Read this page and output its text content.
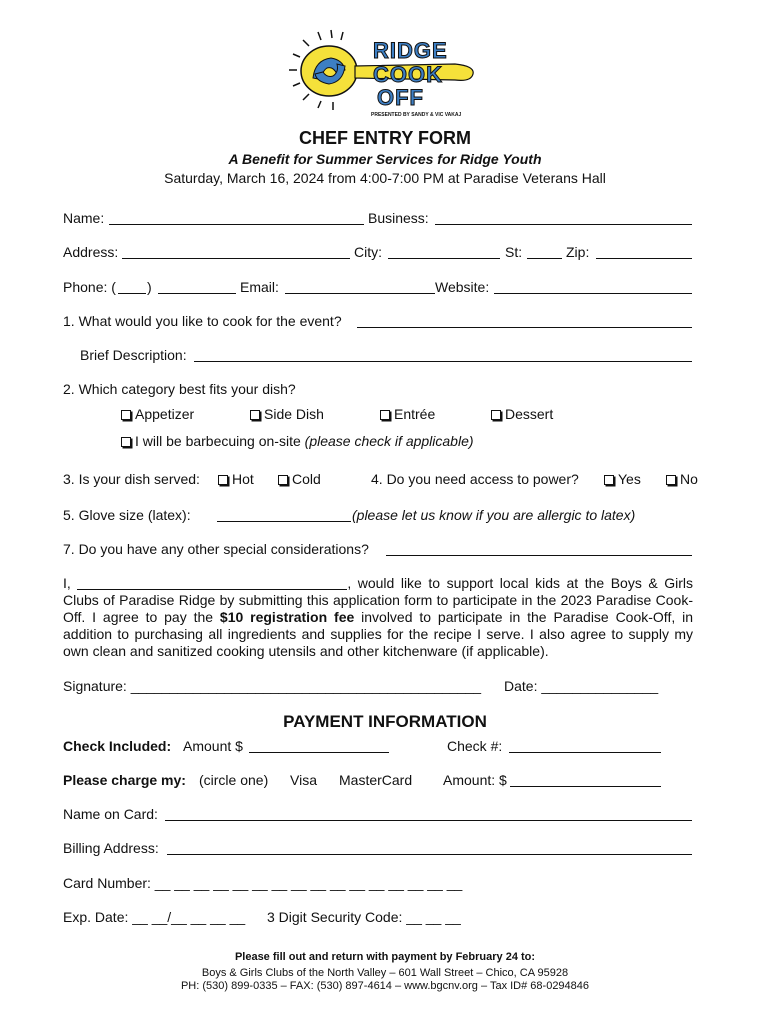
RIDGE
COOK
OFF
PRESENTED BY SANDY & VIC VAKAJ
CHEF ENTRY FORM
A Benefit for Summer Services for Ridge Youth
Saturday, March 16, 2024 from 4:00-7:00 PM at Paradise Veterans Hall
Name:	Business:
Address:	City:	St:	Zip:
Phone: ( )	Email:	Website:
1. What would you like to cook for the event?
Brief Description:
2. Which category best fits your dish?
Appetizer	Side Dish	Entrée	Dessert
I will be barbecuing on-site (please check if applicable)
3. Is your dish served:	Hot	Cold	4. Do you need access to power?	Yes	No
5. Glove size (latex):	(please let us know if you are allergic to latex)
7. Do you have any other special considerations?
I,	, would like to support local kids at the Boys & Girls Clubs of Paradise Ridge by submitting this application form to participate in the 2023 Paradise Cook-Off. I agree to pay the $10 registration fee involved to participate in the Paradise Cook-Off, in addition to purchasing all ingredients and supplies for the recipe I serve. I also agree to supply my own clean and sanitized cooking utensils and other kitchenware (if applicable).
Signature: _____________________________________________ Date: _______________
PAYMENT INFORMATION
Check Included: Amount $	Check #:
Please charge my: (circle one) Visa MasterCard Amount: $
Name on Card:
Billing Address:
Card Number: __ __ __ __ __ __ __ __ __ __ __ __ __ __ __ __
Exp. Date: __ __/__ __ __ __ 3 Digit Security Code: __ __ __
Please fill out and return with payment by February 24 to:
Boys & Girls Clubs of the North Valley – 601 Wall Street – Chico, CA 95928
PH: (530) 899-0335 – FAX: (530) 897-4614 – www.bgcnv.org – Tax ID# 68-0294846
